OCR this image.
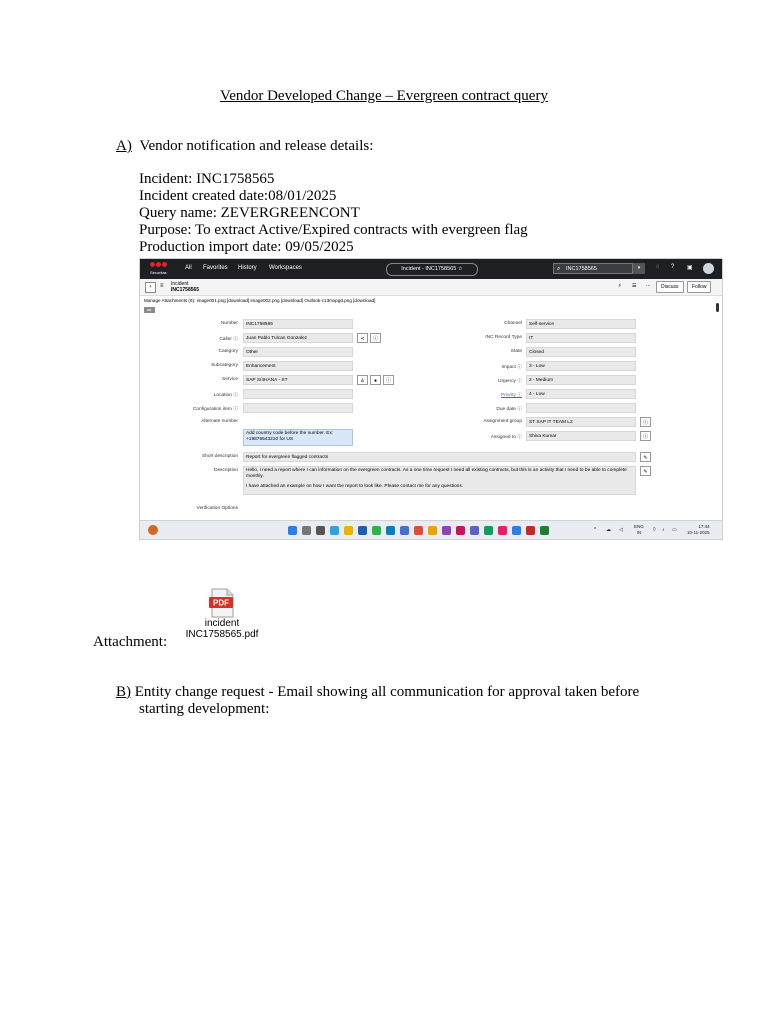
Vendor Developed Change – Evergreen contract query
A) Vendor notification and release details:
Incident: INC1758565
Incident created date:08/01/2025
Query name: ZEVERGREENCONT
Purpose: To extract Active/Expired contracts with evergreen flag
Production import date: 09/05/2025
Securitas
All Favorites History Workspaces	Incident - INC1758565 ☆	⌕ INC1758565	▾	◌ ? ▣
‹	≡ Incident
INC1758565
⚡ ☰ ⋯	Discuss	Follow
Manage Attachments (6): image001.png [download] image002.png [download] Outlook-c13mxpgd.png [download]
▸▸
Number	INC1758565
Caller ⓘ	Juan Pablo Tulcan Gonzalez	≺	ⓘ
Category	Other
Subcategory	Enhancement
Service	SAP S/4HANA - ST	♙	●	ⓘ
Location ⓘ
Configuration item ⓘ
Alternate number
Add country code before the number. Ex: +19876543210 for US
Channel	Self-service
INC Record Type	IT
State	Closed
Impact ⓘ	3 - Low
Urgency ⓘ	2 - Medium
Priority ⓘ	4 - Low
Due date ⓘ
Assignment group	ST SAP IT TEAM L2	ⓘ
Assigned to ⓘ	Shiva Kumar	ⓘ
Short description	Report for evergreen flagged contracts	✎
Description Hello, I need a report where I can information on the evergreen contracts. As a one time request I need all existing contracts, but this is an activity that I need to be able to complete monthly.
I have attached an example on how I want the report to look like. Please contact me for any questions.
✎
Verification Options
^ ☁ ◁
ENG
IN	⌔ ♪ ▭
17:44
10-11-2025
PDF
incident
INC1758565.pdf
Attachment:
B) Entity change request - Email showing all communication for approval taken before
starting development:
